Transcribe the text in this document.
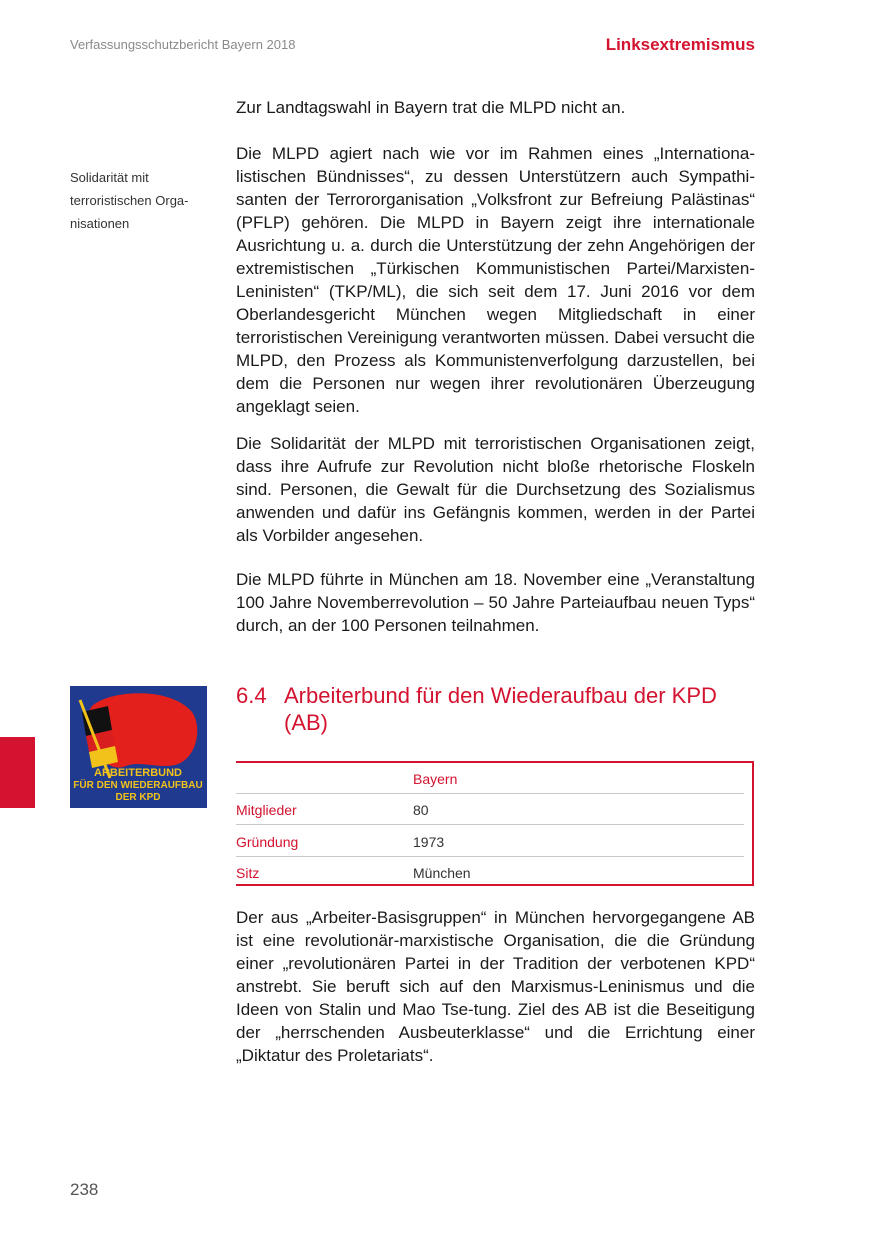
Verfassungsschutzbericht Bayern 2018	Linksextremismus
Solidarität mit terroristischen Organisationen

Zur Landtagswahl in Bayern trat die MLPD nicht an.

Die MLPD agiert nach wie vor im Rahmen eines „Internationalistischen Bündnisses“, zu dessen Unterstützern auch Sympathisanten der Terrororganisation „Volksfront zur Befreiung Palästinas“ (PFLP) gehören. Die MLPD in Bayern zeigt ihre internationale Ausrichtung u. a. durch die Unterstützung der zehn Angehörigen der extremistischen „Türkischen Kommunistischen Partei/Marxisten-Leninisten“ (TKP/ML), die sich seit dem 17. Juni 2016 vor dem Oberlandesgericht München wegen Mitgliedschaft in einer terroristischen Vereinigung verantworten müssen. Dabei versucht die MLPD, den Prozess als Kommunistenverfolgung darzustellen, bei dem die Personen nur wegen ihrer revolutionären Überzeugung angeklagt seien.

Die Solidarität der MLPD mit terroristischen Organisationen zeigt, dass ihre Aufrufe zur Revolution nicht bloße rhetorische Floskeln sind. Personen, die Gewalt für die Durchsetzung des Sozialismus anwenden und dafür ins Gefängnis kommen, werden in der Partei als Vorbilder angesehen.

Die MLPD führte in München am 18. November eine „Veranstaltung 100 Jahre Novemberrevolution – 50 Jahre Parteiaufbau neuen Typs“ durch, an der 100 Personen teilnahmen.

ARBEITERBUND
FÜR DEN WIEDERAUFBAU
DER KPD
6.4 Arbeiterbund für den Wiederaufbau der KPD (AB)
Bayern
Mitglieder	80
Gründung	1973
Sitz	München

Der aus „Arbeiter-Basisgruppen“ in München hervorgegangene AB ist eine revolutionär-marxistische Organisation, die die Gründung einer „revolutionären Partei in der Tradition der verbotenen KPD“ anstrebt. Sie beruft sich auf den Marxismus-Leninismus und die Ideen von Stalin und Mao Tse-tung. Ziel des AB ist die Beseitigung der „herrschenden Ausbeuterklasse“ und die Errichtung einer „Diktatur des Proletariats“.

238
